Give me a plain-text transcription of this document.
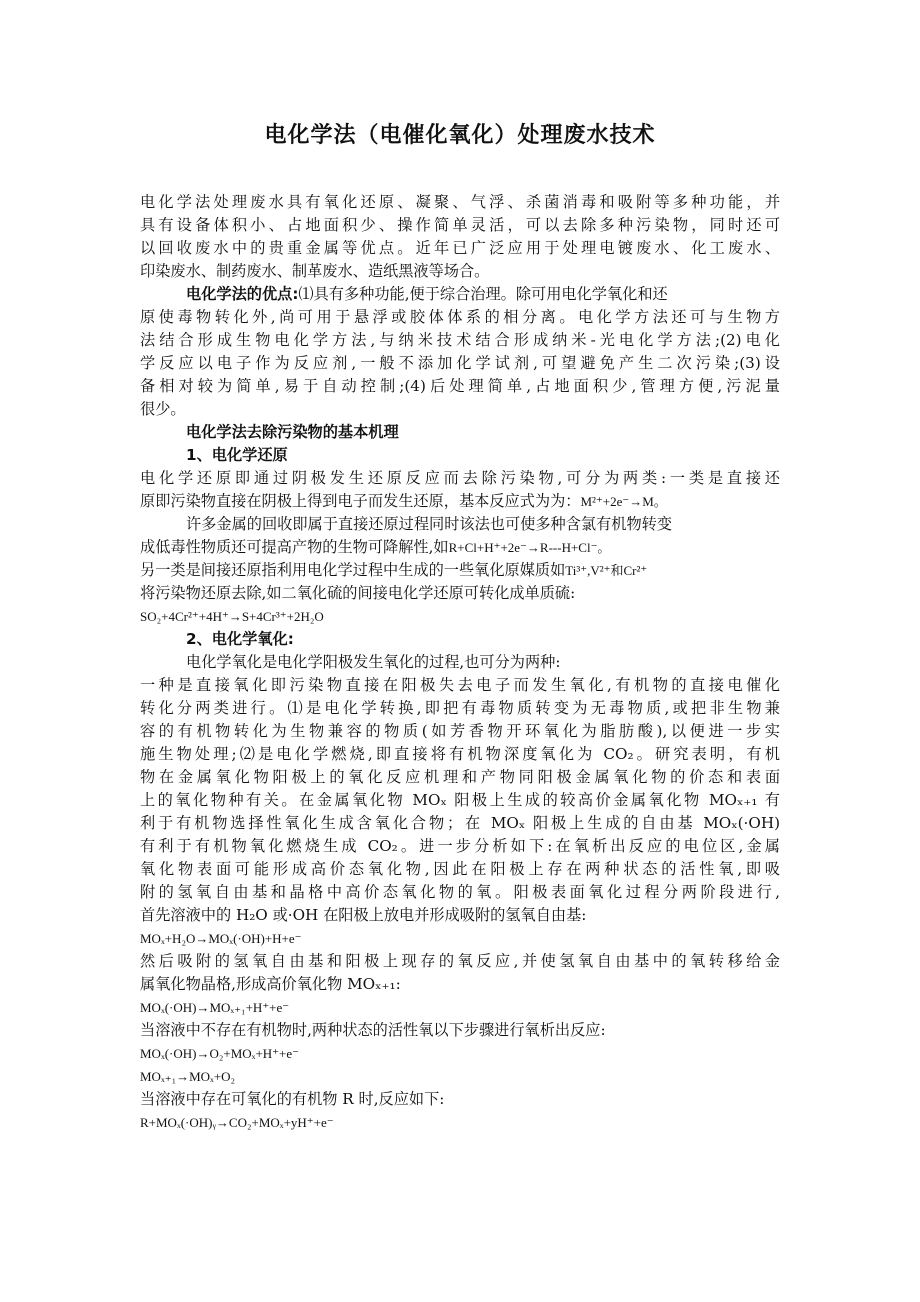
电化学法（电催化氧化）处理废水技术
电化学法处理废水具有氧化还原、凝聚、气浮、杀菌消毒和吸附等多种功能，并
具有设备体积小、占地面积少、操作简单灵活，可以去除多种污染物，同时还可
以回收废水中的贵重金属等优点。近年已广泛应用于处理电镀废水、化工废水、
印染废水、制药废水、制革废水、造纸黑液等场合。
电化学法的优点:⑴具有多种功能,便于综合治理。除可用电化学氧化和还
原使毒物转化外,尚可用于悬浮或胶体体系的相分离。电化学方法还可与生物方
法结合形成生物电化学方法,与纳米技术结合形成纳米-光电化学方法;(2)电化
学反应以电子作为反应剂,一般不添加化学试剂,可望避免产生二次污染;(3)设
备相对较为简单,易于自动控制;(4)后处理简单,占地面积少,管理方便,污泥量
很少。
电化学法去除污染物的基本机理
1、电化学还原
电化学还原即通过阴极发生还原反应而去除污染物,可分为两类:一类是直接还
原即污染物直接在阴极上得到电子而发生还原，基本反应式为为：M²⁺+2e⁻→M。
许多金属的回收即属于直接还原过程同时该法也可使多种含氯有机物转变
成低毒性物质还可提高产物的生物可降解性,如R+Cl+H⁺+2e⁻→R---H+Cl⁻。
另一类是间接还原指利用电化学过程中生成的一些氧化原媒质如Ti³⁺,V²⁺和Cr²⁺
将污染物还原去除,如二氧化硫的间接电化学还原可转化成单质硫:
SO₂+4Cr²⁺+4H⁺→S+4Cr³⁺+2H₂O
2、电化学氧化:
电化学氧化是电化学阳极发生氧化的过程,也可分为两种:
一种是直接氧化即污染物直接在阳极失去电子而发生氧化,有机物的直接电催化
转化分两类进行。⑴是电化学转换,即把有毒物质转变为无毒物质,或把非生物兼
容的有机物转化为生物兼容的物质(如芳香物开环氧化为脂肪酸),以便进一步实
施生物处理;⑵是电化学燃烧,即直接将有机物深度氧化为 CO₂。研究表明，有机
物在金属氧化物阳极上的氧化反应机理和产物同阳极金属氧化物的价态和表面
上的氧化物种有关。在金属氧化物 MOₓ 阳极上生成的较高价金属氧化物 MOₓ₊₁ 有
利于有机物选择性氧化生成含氧化合物；在 MOₓ 阳极上生成的自由基 MOₓ(·OH)
有利于有机物氧化燃烧生成 CO₂。进一步分析如下:在氧析出反应的电位区,金属
氧化物表面可能形成高价态氧化物,因此在阳极上存在两种状态的活性氧,即吸
附的氢氧自由基和晶格中高价态氧化物的氧。阳极表面氧化过程分两阶段进行,
首先溶液中的 H₂O 或·OH 在阳极上放电并形成吸附的氢氧自由基:
MOₓ+H₂O→MOₓ(·OH)+H+e⁻
然后吸附的氢氧自由基和阳极上现存的氧反应,并使氢氧自由基中的氧转移给金
属氧化物晶格,形成高价氧化物 MOₓ₊₁:
MOₓ(·OH)→MOₓ₊₁+H⁺+e⁻
当溶液中不存在有机物时,两种状态的活性氧以下步骤进行氧析出反应:
MOₓ(·OH)→O₂+MOₓ+H⁺+e⁻
MOₓ₊₁→MOₓ+O₂
当溶液中存在可氧化的有机物 R 时,反应如下:
R+MOₓ(·OH)ᵧ→CO₂+MOₓ+yH⁺+e⁻
